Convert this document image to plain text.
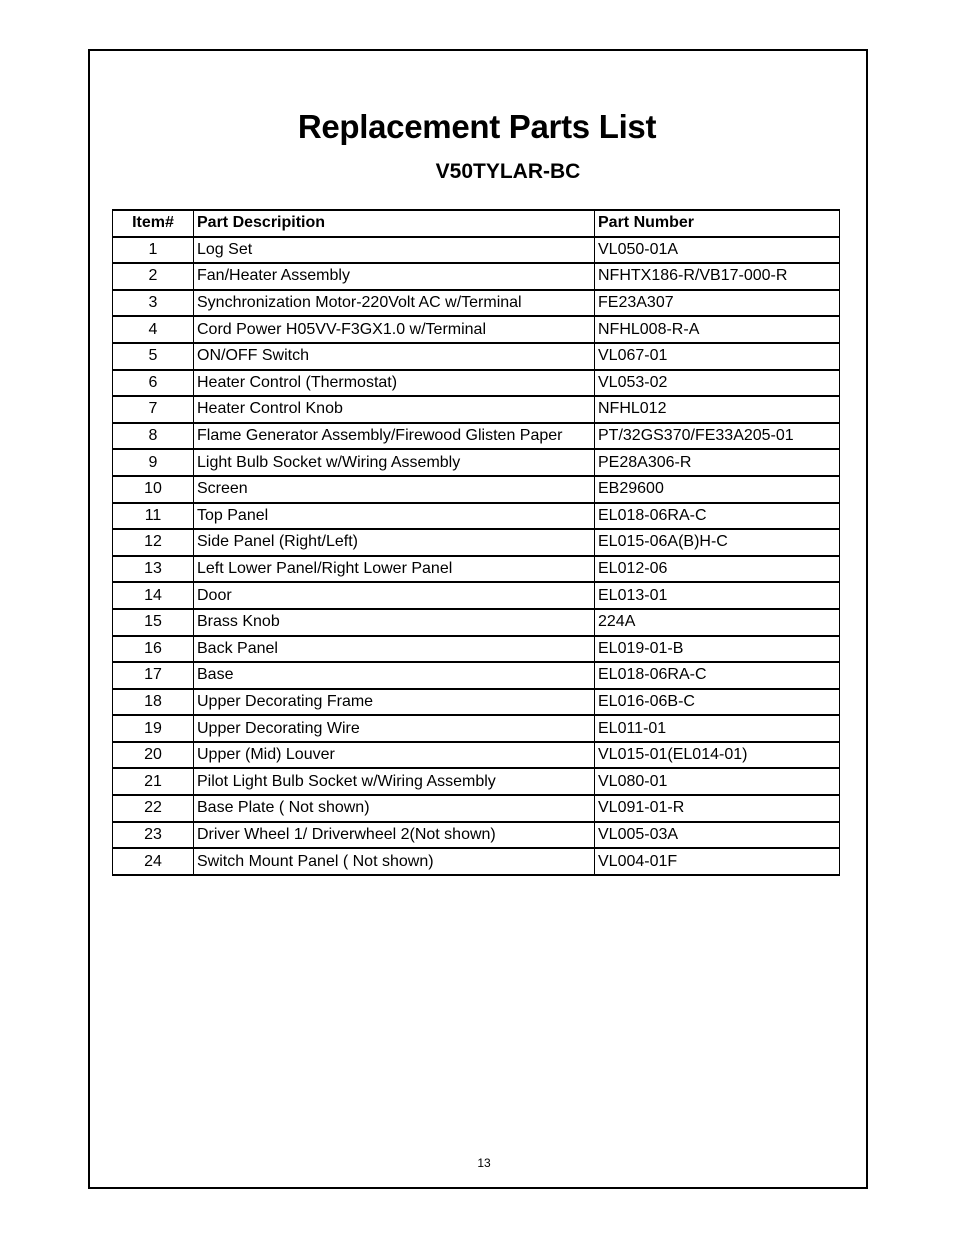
Replacement Parts List
V50TYLAR-BC
Item#	Part Descripition	Part Number
1	Log Set	VL050-01A
2	Fan/Heater Assembly	NFHTX186-R/VB17-000-R
3	Synchronization Motor-220Volt AC w/Terminal	FE23A307
4	Cord Power H05VV-F3GX1.0 w/Terminal	NFHL008-R-A
5	ON/OFF Switch	VL067-01
6	Heater Control (Thermostat)	VL053-02
7	Heater Control Knob	NFHL012
8	Flame Generator Assembly/Firewood Glisten Paper	PT/32GS370/FE33A205-01
9	Light Bulb Socket w/Wiring Assembly	PE28A306-R
10	Screen	EB29600
11	Top Panel	EL018-06RA-C
12	Side Panel (Right/Left)	EL015-06A(B)H-C
13	Left Lower Panel/Right Lower Panel	EL012-06
14	Door	EL013-01
15	Brass Knob	224A
16	Back Panel	EL019-01-B
17	Base	EL018-06RA-C
18	Upper Decorating Frame	EL016-06B-C
19	Upper Decorating Wire	EL011-01
20	Upper (Mid) Louver	VL015-01(EL014-01)
21	Pilot Light Bulb Socket w/Wiring Assembly	VL080-01
22	Base Plate ( Not shown)	VL091-01-R
23	Driver Wheel 1/ Driverwheel 2(Not shown)	VL005-03A
24	Switch Mount Panel ( Not shown)	VL004-01F
13
